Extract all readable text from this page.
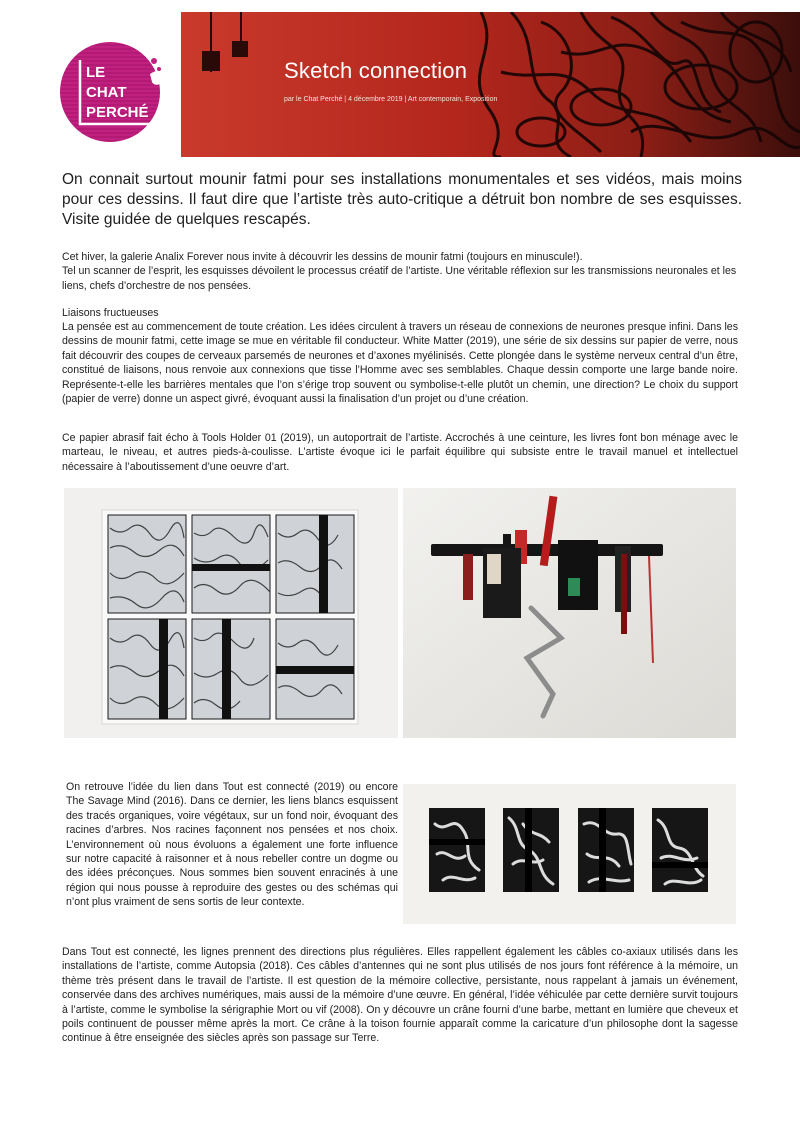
LE
CHAT
PERCHÉ
Sketch connection
par le Chat Perché | 4 décembre 2019 | Art contemporain, Exposition
On connait surtout mounir fatmi pour ses installations monumentales et ses vidéos, mais moins pour ces dessins. Il faut dire que l’artiste très auto-critique a détruit bon nombre de ses esquisses. Visite guidée de quelques rescapés.

Cet hiver, la galerie Analix Forever nous invite à découvrir les dessins de mounir fatmi (toujours en minuscule!).

Tel un scanner de l’esprit, les esquisses dévoilent le processus créatif de l’artiste. Une véritable réflexion sur les transmissions neuronales et les liens, chefs d’orchestre de nos pensées.

Liaisons fructueuses

La pensée est au commencement de toute création. Les idées circulent à travers un réseau de connexions de neurones presque infini. Dans les dessins de mounir fatmi, cette image se mue en véritable fil conducteur. White Matter (2019), une série de six dessins sur papier de verre, nous fait découvrir des coupes de cerveaux parsemés de neurones et d’axones myélinisés. Cette plongée dans le système nerveux central d’un être, constitué de liaisons, nous renvoie aux connexions que tisse l’Homme avec ses semblables. Chaque dessin comporte une large bande noire. Représente-t-elle les barrières mentales que l’on s’érige trop souvent ou symbolise-t-elle plutôt un chemin, une direction? Le choix du support (papier de verre) donne un aspect givré, évoquant aussi la finalisation d’un projet ou d’une création.

Ce papier abrasif fait écho à Tools Holder 01 (2019), un autoportrait de l’artiste. Accrochés à une ceinture, les livres font bon ménage avec le marteau, le niveau, et autres pieds-à-coulisse. L’artiste évoque ici le parfait équilibre qui subsiste entre le travail manuel et intellectuel nécessaire à l’aboutissement d’une oeuvre d’art.

On retrouve l’idée du lien dans Tout est connecté (2019) ou encore The Savage Mind (2016). Dans ce dernier, les liens blancs esquissent des tracés organiques, voire végétaux, sur un fond noir, évoquant des racines d’arbres. Nos racines façonnent nos pensées et nos choix. L’environnement où nous évoluons a également une forte influence sur notre capacité à raisonner et à nous rebeller contre un dogme ou des idées préconçues. Nous sommes bien souvent enracinés à une région qui nous pousse à reproduire des gestes ou des schémas qui n’ont plus vraiment de sens sortis de leur contexte.

Dans Tout est connecté, les lignes prennent des directions plus régulières. Elles rappellent également les câbles co-axiaux utilisés dans les installations de l’artiste, comme Autopsia (2018). Ces câbles d’antennes qui ne sont plus utilisés de nos jours font référence à la mémoire, un thème très présent dans le travail de l’artiste. Il est question de la mémoire collective, persistante, nous rappelant à jamais un événement, conservée dans des archives numériques, mais aussi de la mémoire d’une œuvre. En général, l’idée véhiculée par cette dernière survit toujours à l’artiste, comme le symbolise la sérigraphie Mort ou vif (2008). On y découvre un crâne fourni d’une barbe, mettant en lumière que cheveux et poils continuent de pousser même après la mort. Ce crâne à la toison fournie apparaît comme la caricature d’un philosophe dont la sagesse continue à être enseignée des siècles après son passage sur Terre.
